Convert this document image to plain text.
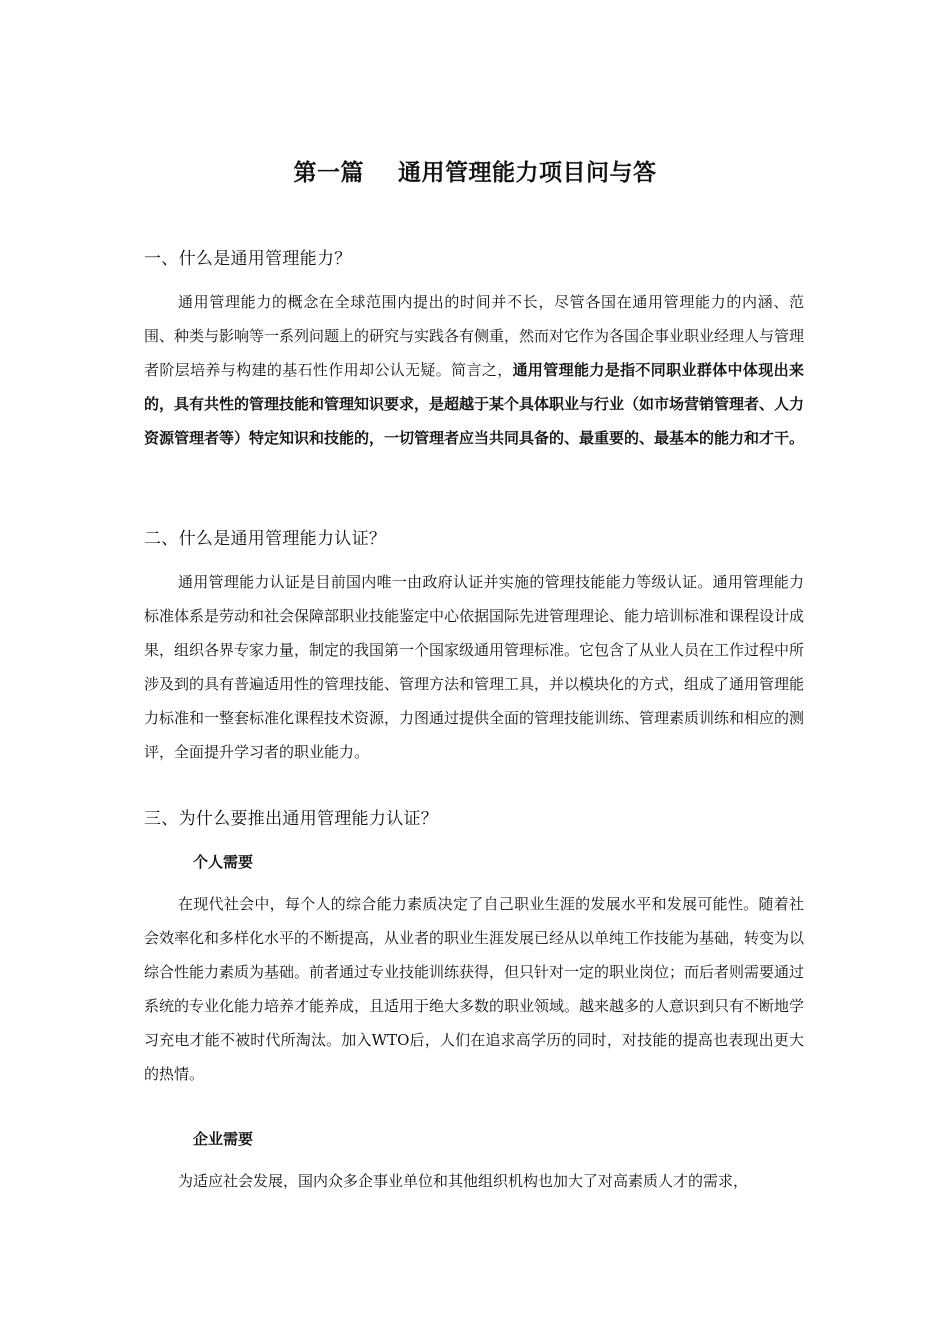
第一篇    通用管理能力项目问与答
一、什么是通用管理能力？
通用管理能力的概念在全球范围内提出的时间并不长，尽管各国在通用管理能力的内涵、范围、种类与影响等一系列问题上的研究与实践各有侧重，然而对它作为各国企事业职业经理人与管理者阶层培养与构建的基石性作用却公认无疑。简言之，通用管理能力是指不同职业群体中体现出来的，具有共性的管理技能和管理知识要求，是超越于某个具体职业与行业（如市场营销管理者、人力资源管理者等）特定知识和技能的，一切管理者应当共同具备的、最重要的、最基本的能力和才干。
二、什么是通用管理能力认证？
通用管理能力认证是目前国内唯一由政府认证并实施的管理技能能力等级认证。通用管理能力标准体系是劳动和社会保障部职业技能鉴定中心依据国际先进管理理论、能力培训标准和课程设计成果，组织各界专家力量，制定的我国第一个国家级通用管理标准。它包含了从业人员在工作过程中所涉及到的具有普遍适用性的管理技能、管理方法和管理工具，并以模块化的方式，组成了通用管理能力标准和一整套标准化课程技术资源，力图通过提供全面的管理技能训练、管理素质训练和相应的测评，全面提升学习者的职业能力。
三、为什么要推出通用管理能力认证？
个人需要
在现代社会中，每个人的综合能力素质决定了自己职业生涯的发展水平和发展可能性。随着社会效率化和多样化水平的不断提高，从业者的职业生涯发展已经从以单纯工作技能为基础，转变为以综合性能力素质为基础。前者通过专业技能训练获得，但只针对一定的职业岗位；而后者则需要通过系统的专业化能力培养才能养成，且适用于绝大多数的职业领域。越来越多的人意识到只有不断地学习充电才能不被时代所淘汰。加入WTO后，人们在追求高学历的同时，对技能的提高也表现出更大的热情。
企业需要
为适应社会发展，国内众多企事业单位和其他组织机构也加大了对高素质人才的需求，
